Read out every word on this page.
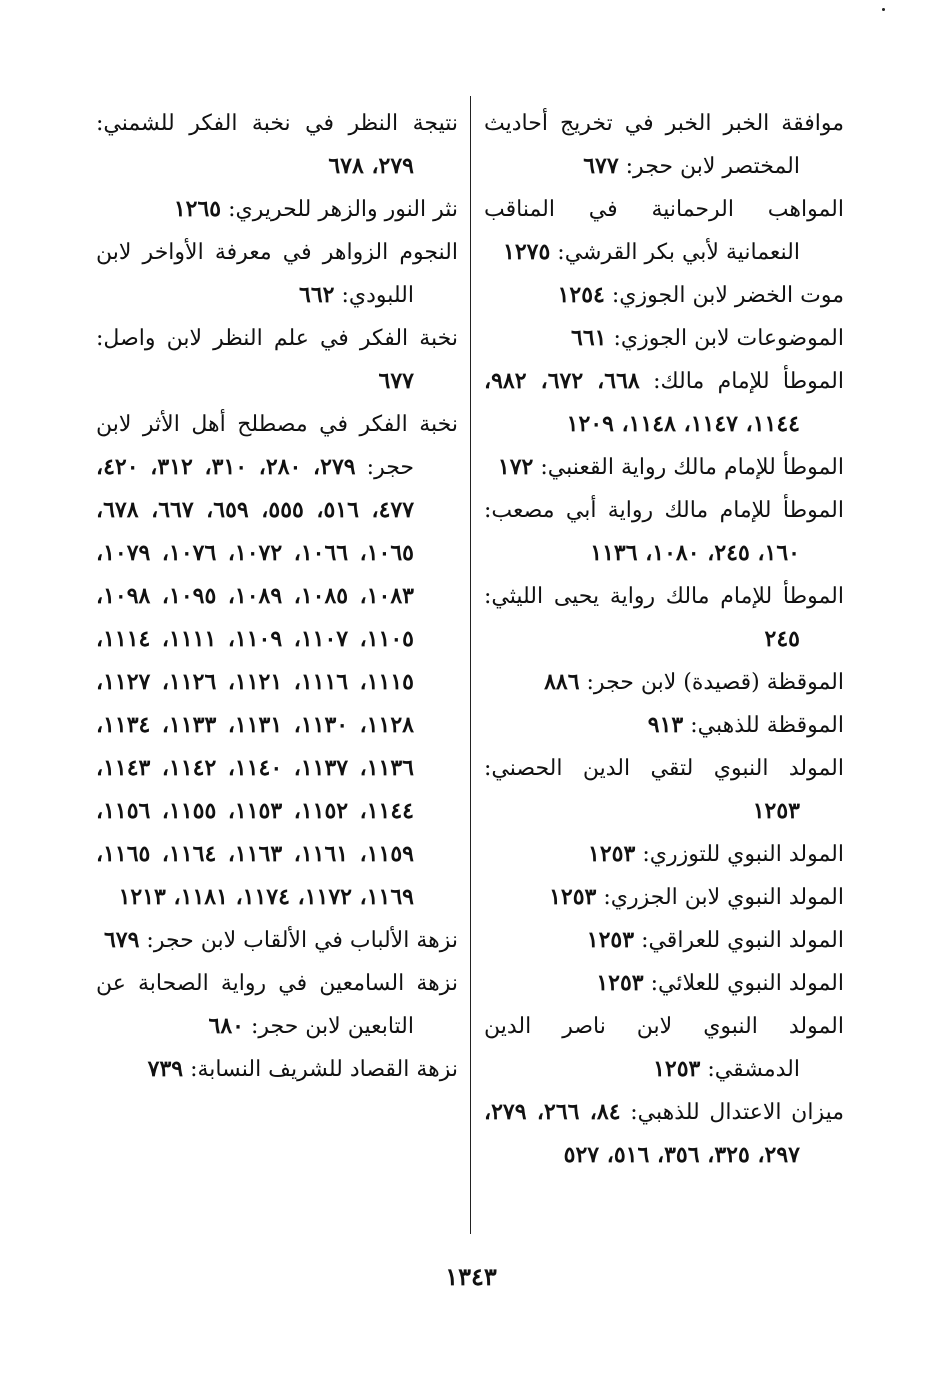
موافقة الخبر الخبر في تخريج أحاديث المختصر لابن حجر: ٦٧٧
المواهب الرحمانية في المناقب النعمانية لأبي بكر القرشي: ١٢٧٥
موت الخضر لابن الجوزي: ١٢٥٤
الموضوعات لابن الجوزي: ٦٦١
الموطأ للإمام مالك: ٦٦٨، ٦٧٢، ٩٨٢، ١١٤٤، ١١٤٧، ١١٤٨، ١٢٠٩
الموطأ للإمام مالك رواية القعنبي: ١٧٢
الموطأ للإمام مالك رواية أبي مصعب: ١٦٠، ٢٤٥، ١٠٨٠، ١١٣٦
الموطأ للإمام مالك رواية يحيى الليثي: ٢٤٥
الموقظة (قصيدة) لابن حجر: ٨٨٦
الموقظة للذهبي: ٩١٣
المولد النبوي لتقي الدين الحصني: ١٢٥٣
المولد النبوي للتوزري: ١٢٥٣
المولد النبوي لابن الجزري: ١٢٥٣
المولد النبوي للعراقي: ١٢٥٣
المولد النبوي للعلائي: ١٢٥٣
المولد النبوي لابن ناصر الدين الدمشقي: ١٢٥٣
ميزان الاعتدال للذهبي: ٨٤، ٢٦٦، ٢٧٩، ٢٩٧، ٣٢٥، ٣٥٦، ٥١٦، ٥٢٧
نتيجة النظر في نخبة الفكر للشمني: ٢٧٩، ٦٧٨
نثر النور والزهر للحريري: ١٢٦٥
النجوم الزواهر في معرفة الأواخر لابن اللبودي: ٦٦٢
نخبة الفكر في علم النظر لابن واصل: ٦٧٧
نخبة الفكر في مصطلح أهل الأثر لابن حجر: ٢٧٩، ٢٨٠، ٣١٠، ٣١٢، ٤٢٠، ٤٧٧، ٥١٦، ٥٥٥، ٦٥٩، ٦٦٧، ٦٧٨، ١٠٦٥، ١٠٦٦، ١٠٧٢، ١٠٧٦، ١٠٧٩، ١٠٨٣، ١٠٨٥، ١٠٨٩، ١٠٩٥، ١٠٩٨، ١١٠٥، ١١٠٧، ١١٠٩، ١١١١، ١١١٤، ١١١٥، ١١١٦، ١١٢١، ١١٢٦، ١١٢٧، ١١٢٨، ١١٣٠، ١١٣١، ١١٣٣، ١١٣٤، ١١٣٦، ١١٣٧، ١١٤٠، ١١٤٢، ١١٤٣، ١١٤٤، ١١٥٢، ١١٥٣، ١١٥٥، ١١٥٦، ١١٥٩، ١١٦١، ١١٦٣، ١١٦٤، ١١٦٥، ١١٦٩، ١١٧٢، ١١٧٤، ١١٨١، ١٢١٣
نزهة الألباب في الألقاب لابن حجر: ٦٧٩
نزهة السامعين في رواية الصحابة عن التابعين لابن حجر: ٦٨٠
نزهة القصاد للشريف النسابة: ٧٣٩
١٣٤٣
